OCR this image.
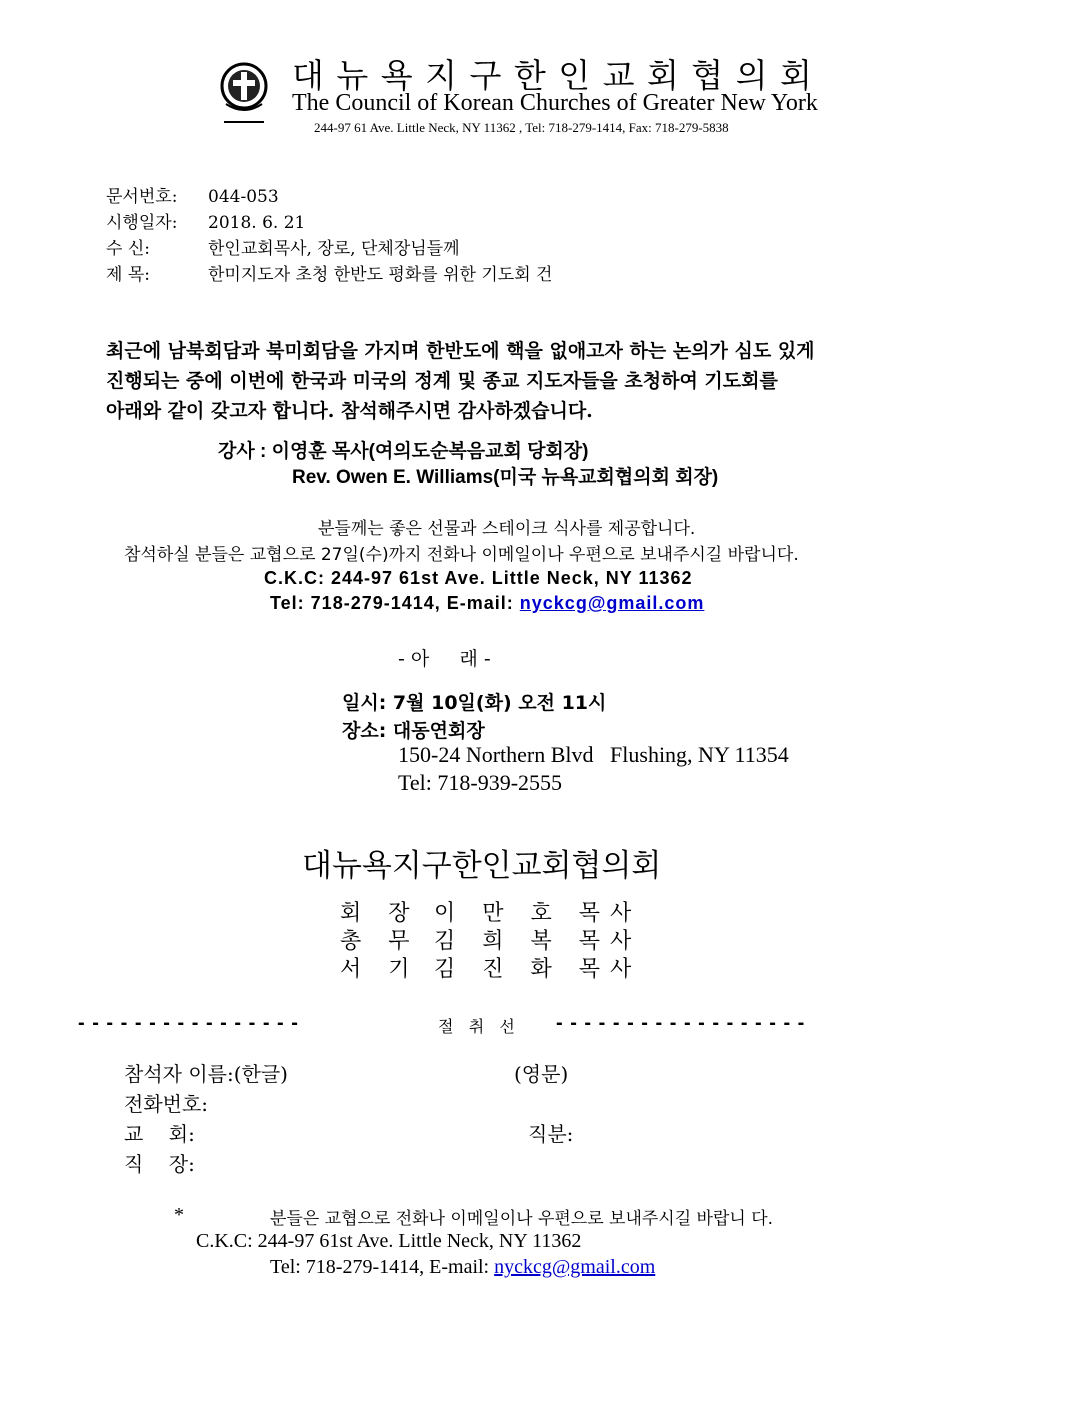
대 뉴 욕 지 구 한 인 교 회 협 의 회
The Council of Korean Churches of Greater New York
244-97 61 Ave. Little Neck, NY 11362 , Tel: 718-279-1414, Fax: 718-279-5838
문서번호: 044-053
시행일자: 2018. 6. 21
수 신:	한인교회목사, 장로, 단체장님들께
제 목:	한미지도자 초청 한반도 평화를 위한 기도회 건
최근에 남북회담과 북미회담을 가지며 한반도에 핵을 없애고자 하는 논의가 심도 있게
진행되는 중에 이번에 한국과 미국의 정계 및 종교 지도자들을 초청하여 기도회를
아래와 같이 갖고자 합니다. 참석해주시면 감사하겠습니다.
강사 : 이영훈 목사(여의도순복음교회 당회장)
Rev. Owen E. Williams(미국 뉴욕교회협의회 회장)
분들께는 좋은 선물과 스테이크 식사를 제공합니다.
참석하실 분들은 교협으로 27일(수)까지 전화나 이메일이나 우편으로 보내주시길 바랍니다.
C.K.C: 244-97 61st Ave. Little Neck, NY 11362
Tel: 718-279-1414, E-mail: nyckcg@gmail.com
- 아     래 -
일시: 7월 10일(화) 오전 11시
장소: 대동연회장
150-24 Northern Blvd   Flushing, NY 11354
Tel: 718-939-2555
대뉴욕지구한인교회협의회
회 장 이 만 호 목사
총 무 김 희 복 목사
서 기 김 진 화 목사
- - - - - - - - - - - - - - - -	절   취   선 - - - - - - - - - - - - - - - - - -
참석자 이름:(한글)	(영문)
전화번호:
교    회:	직분:
직    장:
*	분들은 교협으로 전화나 이메일이나 우편으로 보내주시길 바랍니 다.
C.K.C: 244-97 61st Ave. Little Neck, NY 11362
Tel: 718-279-1414, E-mail: nyckcg@gmail.com
